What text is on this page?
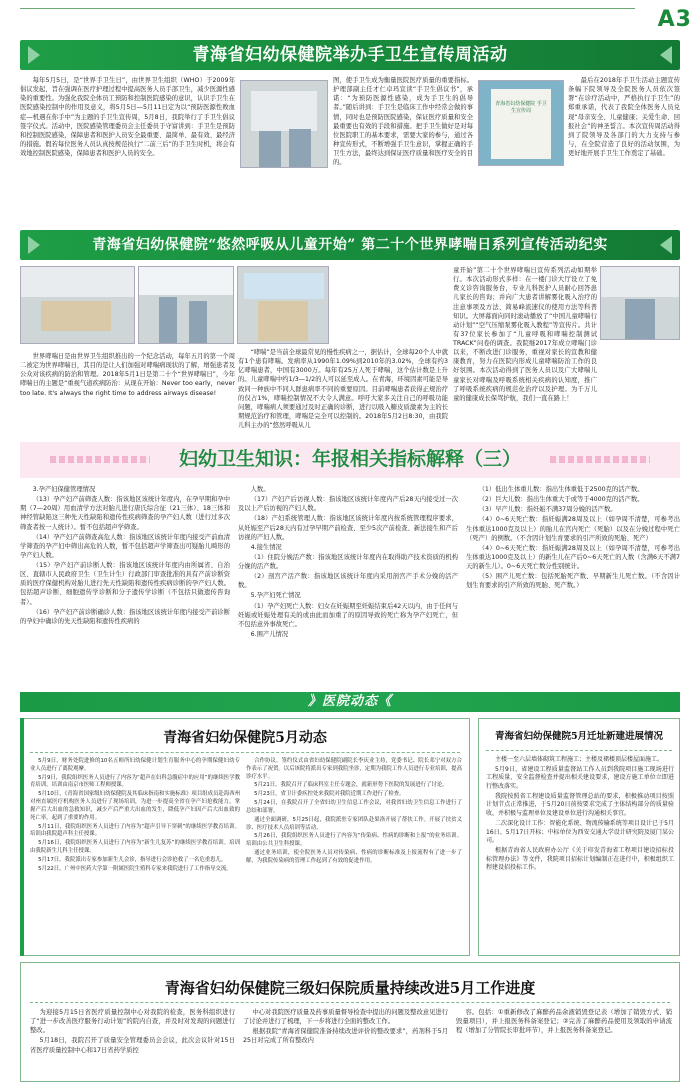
A3
青海省妇幼保健院举办手卫生宣传周活动

每年5月5日，是“世界手卫生日”，由世界卫生组织（WHO）于2009年倡议发起，旨在强调在医疗护理过程中提高医务人员手部卫生，减少医源性感染的重要性。为强化我院全体员工预防和控制医院感染的意识，认识手卫生在医院感染控制中的作用及意义，将5月5日—5月11日定为以“预防医源性败血症—机遇在你手中”为主题的手卫生宣传周，5月8日，我院举行了手卫生倡议签字仪式。活动中，医院感染管理委员会主任委员于守富讲到：手卫生是预防和控制医院感染，保障患者和医护人员安全最重要、最简单、最有效、最经济的措施。假若每位医务人员认真按规范执行“二前三后”的手卫生时机，将会有效地控制医院感染，保障患者和医护人员的安全。

图，使手卫生成为衡量医院医疗质量的重要指标。护理部副主任才仁卓玛宣读“手卫生倡议书”，承诺：“为预防医源性感染，成为手卫生的倡导者。”随后讲到：手卫生是临床工作中经常会做的事情，同时也是预防医院感染，保证医疗质量和安全最重要也有效的手段和措施。把手卫生做好是对每位医院职工的基本要求，需要大家的参与，通过各种宣传形式，不断增强手卫生意识，掌握正确的手卫生方法，最终达到保证医疗质量和医疗安全的目的。

青海省妇幼保健院 手卫生宣传周

最后在2018年手卫生活动主题宣传条幅下院领导及全院医务人员依次签署“在诊疗活动中，严格执行手卫生”的郑重承诺，代表了我院全体医务人员兑现“母亲安全、儿童健康；关爱生命、回报社会”的神圣誓言。本次宣传周活动得到了院领导及各部门的大力支持与参与，在全院营造了良好的活动氛围，为更好地开展手卫生工作奠定了基础。

青海省妇幼保健院“悠然呼吸从儿童开始” 第二十个世界哮喘日系列宣传活动纪实

世界哮喘日是由世界卫生组织推出的一个纪念活动，每年五月的第一个周二被定为世界哮喘日，其目的是让人们加强对哮喘病现状的了解，增强患者及公众对该疾病的防治和管理。2018年5月1日是第二十个“世界哮喘日”，今年哮喘日的主题是“重视气道疾病防治：从现在开始：Never too early，never too late. It's always the right time to address airways disease!

“哮喘”是当前全球最常见的慢性疾病之一，据估计，全球每20个人中就有1个患有哮喘。发病率从1990年1.09%到2010年的3.02%，全球有约3亿哮喘患者，中国有3000万。每年有25万人死于哮喘，这个估计数是上升的。儿童哮喘中约1/3—1/2的人可以延至成人。在青海，环境因素可能是导致同一种族中不同人群患病率不同的重要原因。目前哮喘患者获得正规治疗的仅占1%，哮喘控制情况不大令人满意。呼吁大家多关注自己的呼吸功能问题，哮喘病人须要通过及时正确的诊断，进行以吸入糖皮质激素为主的长期规范治疗和管理，哮喘是完全可以控制的。2018年5月2日8:30，由我院儿科主办的“悠然呼吸从儿

童开始”第二十个世界哮喘日宣传系列活动如期举行。本次活动形式多样：在一楼门诊大厅设立了免费义诊咨询服务台，专业儿科医护人员耐心回答患儿家长的咨询；并向广大患者讲解雾化吸入治疗的注意事项及方法、简易峰流速仪的使用方法等科普知识。大屏幕面向同时滚动播放了“中国儿童哮喘行动计划”“空气压缩泵雾化吸入教程”等宣传片。共计有37位家长参加了“儿童呼吸和哮喘控制测试TRACK”问卷的调查。我院继2017年成立哮喘门诊以来，不断改进门诊服务，重视对家长的宣教和健康教育，努力在医院内形成儿童哮喘防治工作的良好氛围。本次活动得到了医务人员以及广大哮喘儿童家长对哮喘及呼吸系统相关疾病的认知度，推广了呼吸系统疾病的规范化治疗以及护理。为千万儿童的健康成长保驾护航，我们一直在路上！

妇幼卫生知识：年报相关指标解释（三）

3.孕产妇保健管理情况

（13）孕产妇产前筛查人数：指该地区该统计年度内，在孕早期和孕中期（7—20周）用血清学方法对胎儿进行唐氏综合征（21三体）、18三体和神经管缺陷这三种先天性缺陷和遗传性疾病筛查的孕产妇人数（进行过多次筛查者按一人统计）。暂不包括超声学筛查。

（14）孕产妇产前筛查高危人数：指该地区该统计年度内接受产前血清学筛查的孕产妇中筛出高危的人数，暂不包括超声学筛查出可疑胎儿畸形的孕产妇人数。

（15）孕产妇产前诊断人数：指该地区该统计年度内由所属省、自治区、直辖市人民政府卫生（卫生计生）行政部门审查批准的具有产前诊断资质的医疗保健机构对胎儿进行先天性缺陷和遗传性疾病诊断的孕产妇人数。包括超声诊断、细胞遗传学诊断和分子遗传学诊断（不包括只做遗传咨询者）。

（16）孕产妇产前诊断确诊人数：指该地区该统计年度内接受产前诊断的孕妇中确诊的先天性缺陷和遗传性疾病的

人数。

（17）产妇产后访视人数：指该地区该统计年度内产后28天内接受过一次及以上产后访视的产妇人数。

（18）产妇系统管理人数：指该地区该统计年度内按系统管理程序要求，从妊娠至产后28天内有过孕早期产前检查、至少5次产前检查、新法接生和产后访视的产妇人数。

4.接生情况

（1）住院分娩活产数：指该地区该统计年度内在取得助产技术资质的机构分娩的活产数。

（2）剖宫产活产数：指该地区该统计年度内采用剖宫产手术分娩的活产数。

5.孕产妇死亡情况

（1）孕产妇死亡人数：妇女在妊娠期至妊娠结束后42天以内，由于任何与妊娠或妊娠处理有关的或由此而加重了的原因导致的死亡称为孕产妇死亡，但不包括意外事故死亡。

6.围产儿情况

（1）低出生体重儿数：指出生体重低于2500克的活产数。

（2）巨大儿数：指出生体重大于或等于4000克的活产数。

（3）早产儿数：指妊娠不满37周分娩的活产数。

（4）0~6天死亡数：指妊娠满28周及以上（如孕周不清楚，可参考出生体重达1000克及以上）的胎儿在宫内死亡（死胎）以及在分娩过程中死亡（死产）的例数。（不含因计划生育要求的引产所致的死胎、死产）

（4）0~6天死亡数：指妊娠满28周及以上（如孕周不清楚，可参考出生体重达1000克及以上）的新生儿在产后0~6天死亡的人数（含满6天不满7天的新生儿）。0~6天死亡数分性别统计。

（5）围产儿死亡数：包括死胎死产数、早期新生儿死亡数。（不含因计划生育要求的引产所致的死胎、死产数。）

》医院动态《
青海省妇幼保健院5月动态

5月9日，财务处院进修的10名五师所妇幼保健计划生育服务中心的孕期保健妇幼专业人员进行了离院观摩。

5月9日，我院组织医务人员进行了内容为“超声在妇科急腹症中的应用”的继续医学教育培训，培训由南京市医师工程师授课。

5月10日，《青海省国家级妇幼保健院及其临床指南和实施标准》项目组成员赴海西州对州直属医疗机构医务人员进行了现场培训，为进一步提高全省在孕产妇抢救能力，掌握产后大出血的急救知识，减少产后严重大出血的发生，降低孕产妇因产后大出血致的死亡率，起到了重要的作用。

5月11日，我院组织医务人员进行了内容为“超声引导下穿刺”的继续医学教育培训。培训由我院超声科主任授课。

5月16日，我院组织医务人员进行了内容为“新生儿复苏”的继续医学教育培训。培训由我院新生儿科主任授课。

5月17日，我院派出专家参加新生儿会诊，指导进行会诊抢救了一名危重患儿。

5月22日，广州中医药大学第一附属医院生殖科专家来我院进行了工作指导交流。

合作协议。签约仪式由省妇幼保健院副院长李庆业主持，党委书记、院长邓宁对双方合作表示了祝贺。以后该院将派出专家到我院坐诊，定期为我院工作人员进行专业培训，提高诊疗水平。

5月21日，我院召开了临床科室主任专题会，就新形势下医院的发展进行了讨论。

5月23日，省卫计委疾控处来我院对我院近期工作进行了检查。

5月24日，在我院召开了全省妇幼卫生信息工作会议，对我省妇幼卫生信息工作进行了总结和部署。

通过全面调研，5月25日起，我院派驻专家团队赴果洛开展了帮扶工作。开展了扶贫义诊、医疗技术人员培训等活动。

5月26日，我院组织医务人员进行了内容为“传染病、性病的诊断和上报”的业务培训。培训由公共卫生科授课。

通过业务培训，使全院医务人员对传染病、性病的诊断标准及上报流程有了进一步了解，为我院传染病的管理工作起到了有效的促进作用。

青海省妇幼保健院5月迁址新建进展情况

主楼一至六层墙体砌筑工程施工；主楼及裙楼顶层楼屋面施工。

5月9日，省建设工程质量监督站工作人员到我院项目施工现场进行工程质量、安全监督检查并提出相关建设要求，建设方施工单位立即进行整改落实。

我院按照省工程建设质量监督管理总站的要求，积极推动项目按照计划节点正常推进，于5月20日前按要求完成了主体结构部分的质量验收，并积极与监理单位及建设单位进行沟通相关事宜。

二次深化设计工作：智能化系统、物流传输系统等项目设计已于5月16日、5月17日开标；中标单位为西安交通大学设计研究院及厦门某公司。

根据青海省人民政府办公厅《关于印发青海省工程项目建设招标投标管理办法》等文件，我院项目招标计划编制正在进行中，积极组织工程建设招投标工作。

青海省妇幼保健院三级妇保院质量持续改进5月工作进度

为迎接5月15日省医疗质量控制中心对我院的检查，医务科组织进行了“进一步改善医疗服务行动计划”的院内自查，并及时对发现的问题进行整改。

5月18日，我院召开了质量安全管理委员会会议，此次会议针对15日省医疗质量控制中心和17日省药学质控

中心对我院医疗质量及药事质量督导检查中提出的问题及整改意见进行了讨论并进行了梳理，下一步将进行全面的整改工作。

根据我院“青海省保健院准备持续改进评价的整改要求”，药剂科于5月25日对完成了所有整改内

容。包括：①重新修改了麻醉药品余液销毁登记表（增加了销毁方式、销毁量项目），并上报医务科备案登记；②完善了麻醉药品使用及领取的申请流程（增加了分管院长审批环节），并上报医务科备案登记。
